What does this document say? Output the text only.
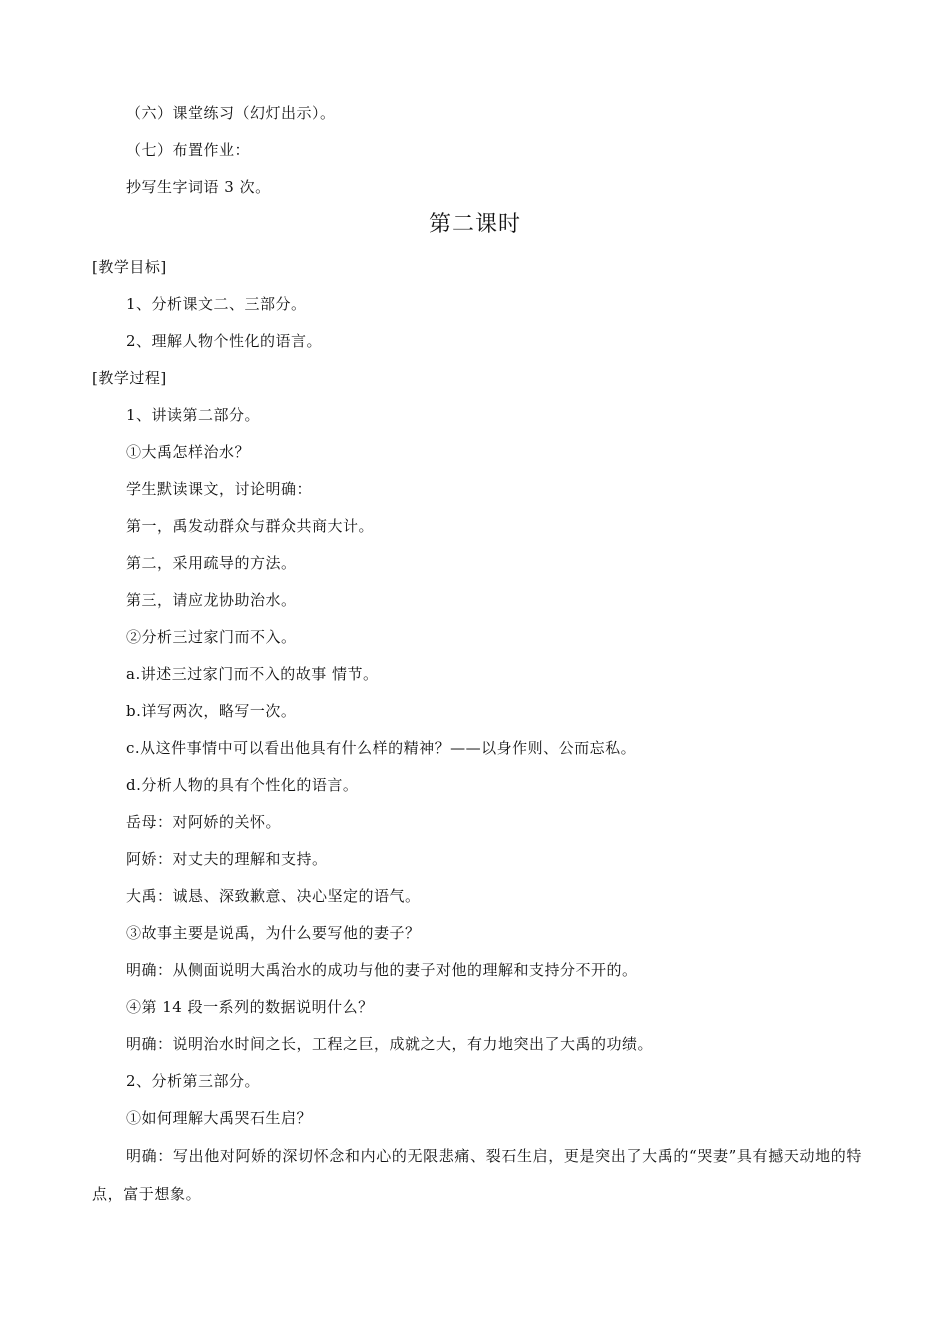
（六）课堂练习（幻灯出示）。
（七）布置作业：
抄写生字词语 3 次。
第二课时
[教学目标]
1、分析课文二、三部分。
2、理解人物个性化的语言。
[教学过程]
1、讲读第二部分。
①大禹怎样治水？
学生默读课文，讨论明确：
第一，禹发动群众与群众共商大计。
第二，采用疏导的方法。
第三，请应龙协助治水。
②分析三过家门而不入。
a.讲述三过家门而不入的故事 情节。
b.详写两次，略写一次。
c.从这件事情中可以看出他具有什么样的精神？——以身作则、公而忘私。
d.分析人物的具有个性化的语言。
岳母：对阿娇的关怀。
阿娇：对丈夫的理解和支持。
大禹：诚恳、深致歉意、决心坚定的语气。
③故事主要是说禹，为什么要写他的妻子？
明确：从侧面说明大禹治水的成功与他的妻子对他的理解和支持分不开的。
④第 14 段一系列的数据说明什么？
明确：说明治水时间之长，工程之巨，成就之大，有力地突出了大禹的功绩。
2、分析第三部分。
①如何理解大禹哭石生启？
明确：写出他对阿娇的深切怀念和内心的无限悲痛、裂石生启，更是突出了大禹的“哭妻”具有撼天动地的特点，富于想象。
